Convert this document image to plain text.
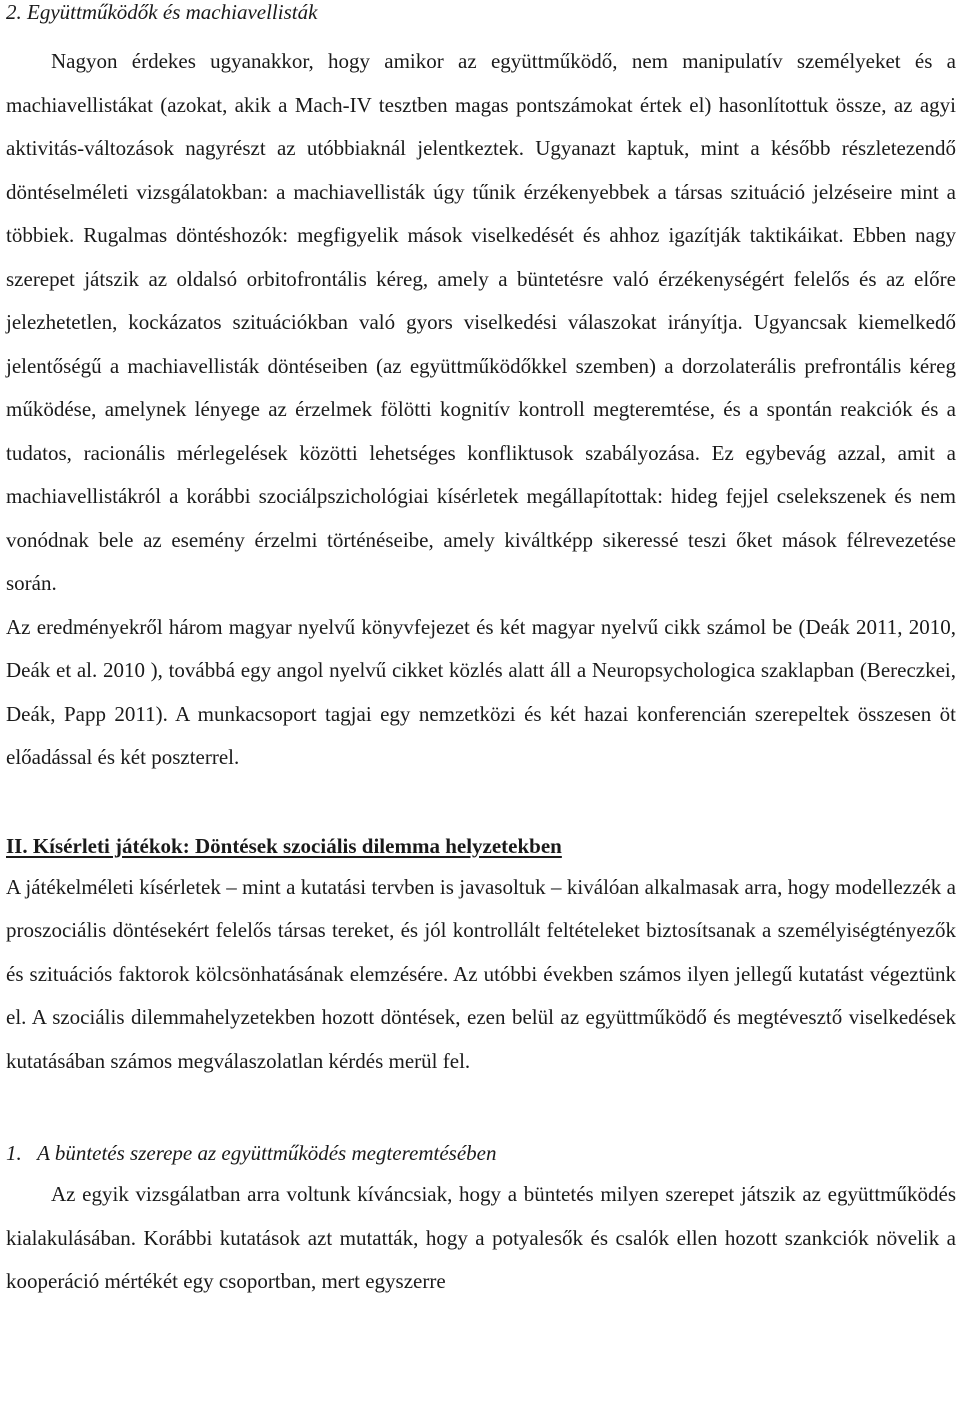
2. Együttműködők és machiavellisták

Nagyon érdekes ugyanakkor, hogy amikor az együttműködő, nem manipulatív személyeket és a machiavellistákat (azokat, akik a Mach-IV tesztben magas pontszámokat értek el) hasonlítottuk össze, az agyi aktivitás-változások nagyrészt az utóbbiaknál jelentkeztek. Ugyanazt kaptuk, mint a később részletezendő döntéselméleti vizsgálatokban: a machiavellisták úgy tűnik érzékenyebbek a társas szituáció jelzéseire mint a többiek. Rugalmas döntéshozók: megfigyelik mások viselkedését és ahhoz igazítják taktikáikat. Ebben nagy szerepet játszik az oldalsó orbitofrontális kéreg, amely a büntetésre való érzékenységért felelős és az előre jelezhetetlen, kockázatos szituációkban való gyors viselkedési válaszokat irányítja. Ugyancsak kiemelkedő jelentőségű a machiavellisták döntéseiben (az együttműködőkkel szemben) a dorzolaterális prefrontális kéreg működése, amelynek lényege az érzelmek fölötti kognitív kontroll megteremtése, és a spontán reakciók és a tudatos, racionális mérlegelések közötti lehetséges konfliktusok szabályozása. Ez egybevág azzal, amit a machiavellistákról a korábbi szociálpszichológiai kísérletek megállapítottak: hideg fejjel cselekszenek és nem vonódnak bele az esemény érzelmi történéseibe, amely kiváltképp sikeressé teszi őket mások félrevezetése során.

Az eredményekről három magyar nyelvű könyvfejezet és két magyar nyelvű cikk számol be (Deák 2011, 2010, Deák et al. 2010 ), továbbá egy angol nyelvű cikket közlés alatt áll a Neuropsychologica szaklapban (Bereczkei, Deák, Papp 2011). A munkacsoport tagjai egy nemzetközi és két hazai konferencián szerepeltek összesen öt előadással és két poszterrel.

II. Kísérleti játékok: Döntések szociális dilemma helyzetekben

A játékelméleti kísérletek – mint a kutatási tervben is javasoltuk – kiválóan alkalmasak arra, hogy modellezzék a proszociális döntésekért felelős társas tereket, és jól kontrollált feltételeket biztosítsanak a személyiségtényezők és szituációs faktorok kölcsönhatásának elemzésére. Az utóbbi években számos ilyen jellegű kutatást végeztünk el. A szociális dilemmahelyzetekben hozott döntések, ezen belül az együttműködő és megtévesztő viselkedések kutatásában számos megválaszolatlan kérdés merül fel.

1.   A büntetés szerepe az együttműködés megteremtésében

Az egyik vizsgálatban arra voltunk kíváncsiak, hogy a büntetés milyen szerepet játszik az együttműködés kialakulásában. Korábbi kutatások azt mutatták, hogy a potyalesők és csalók ellen hozott szankciók növelik a kooperáció mértékét egy csoportban, mert egyszerre
